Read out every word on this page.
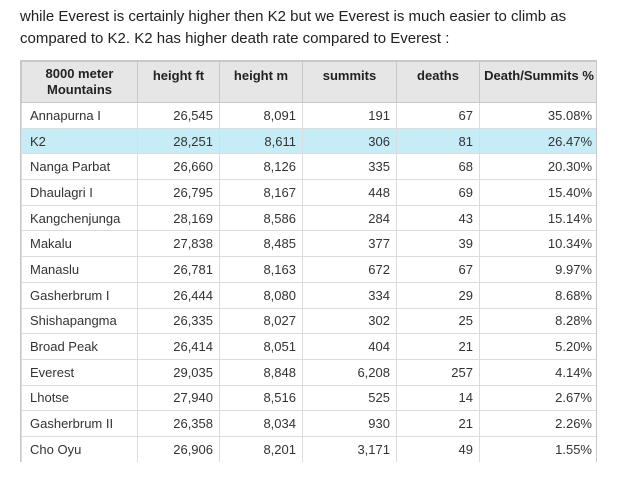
while Everest is certainly higher then K2 but we Everest is much easier to climb as
compared to K2. K2 has higher death rate compared to Everest :

8000 meter Mountains	height ft	height m	summits	deaths	Death/Summits %
Annapurna I	26,545	8,091	191	67	35.08%
K2	28,251	8,611	306	81	26.47%
Nanga Parbat	26,660	8,126	335	68	20.30%
Dhaulagri I	26,795	8,167	448	69	15.40%
Kangchenjunga	28,169	8,586	284	43	15.14%
Makalu	27,838	8,485	377	39	10.34%
Manaslu	26,781	8,163	672	67	9.97%
Gasherbrum I	26,444	8,080	334	29	8.68%
Shishapangma	26,335	8,027	302	25	8.28%
Broad Peak	26,414	8,051	404	21	5.20%
Everest	29,035	8,848	6,208	257	4.14%
Lhotse	27,940	8,516	525	14	2.67%
Gasherbrum II	26,358	8,034	930	21	2.26%
Cho Oyu	26,906	8,201	3,171	49	1.55%
